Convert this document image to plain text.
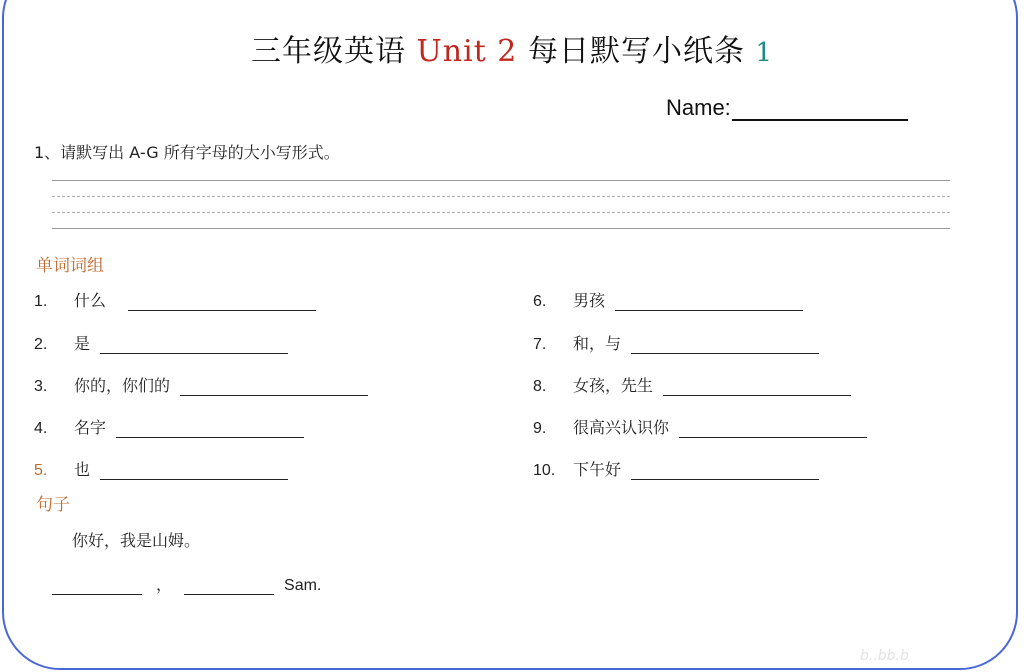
三年级英语 Unit 2 每日默写小纸条 1
Name:
1、请默写出 A-G 所有字母的大小写形式。
单词词组
1.	什么
2.	是
3.	你的，你们的
4.	名字
5.	也
6.	男孩
7.	和，与
8.	女孩，先生
9.	很高兴认识你
10.	下午好
句子
你好，我是山姆。
，	Sam.
b..bb.b
